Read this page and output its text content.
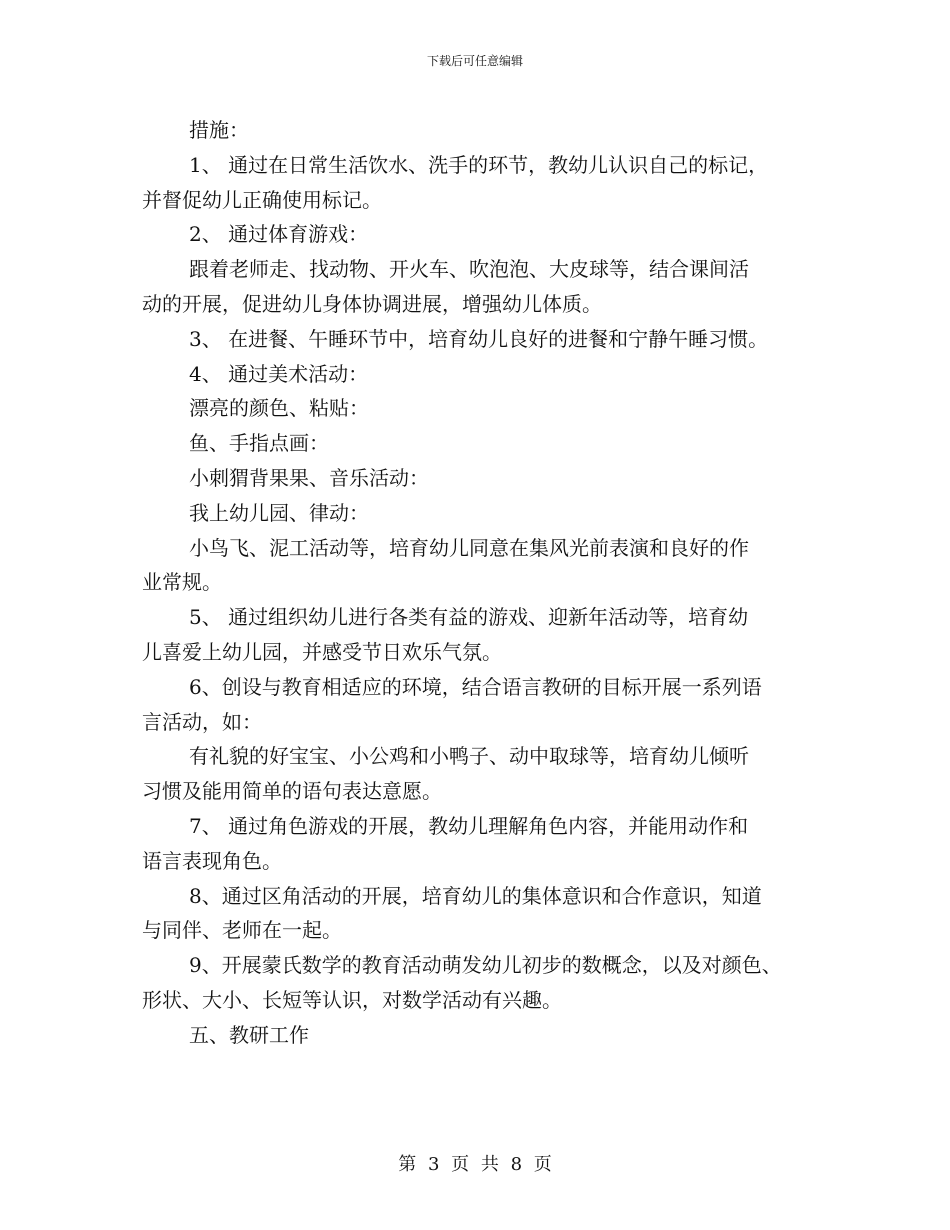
下载后可任意编辑

措施：

1、 通过在日常生活饮水、洗手的环节，教幼儿认识自己的标记，

并督促幼儿正确使用标记。

2、 通过体育游戏：

跟着老师走、找动物、开火车、吹泡泡、大皮球等，结合课间活

动的开展，促进幼儿身体协调进展，增强幼儿体质。

3、 在进餐、午睡环节中，培育幼儿良好的进餐和宁静午睡习惯。

4、 通过美术活动：

漂亮的颜色、粘贴：

鱼、手指点画：

小刺猬背果果、音乐活动：

我上幼儿园、律动：

小鸟飞、泥工活动等，培育幼儿同意在集风光前表演和良好的作

业常规。

5、 通过组织幼儿进行各类有益的游戏、迎新年活动等，培育幼

儿喜爱上幼儿园，并感受节日欢乐气氛。

6、创设与教育相适应的环境，结合语言教研的目标开展一系列语

言活动，如：

有礼貌的好宝宝、小公鸡和小鸭子、动中取球等，培育幼儿倾听

习惯及能用简单的语句表达意愿。

7、 通过角色游戏的开展，教幼儿理解角色内容，并能用动作和

语言表现角色。

8、通过区角活动的开展，培育幼儿的集体意识和合作意识，知道

与同伴、老师在一起。

9、开展蒙氏数学的教育活动萌发幼儿初步的数概念，以及对颜色、

形状、大小、长短等认识，对数学活动有兴趣。

五、教研工作

第 3 页 共 8 页
